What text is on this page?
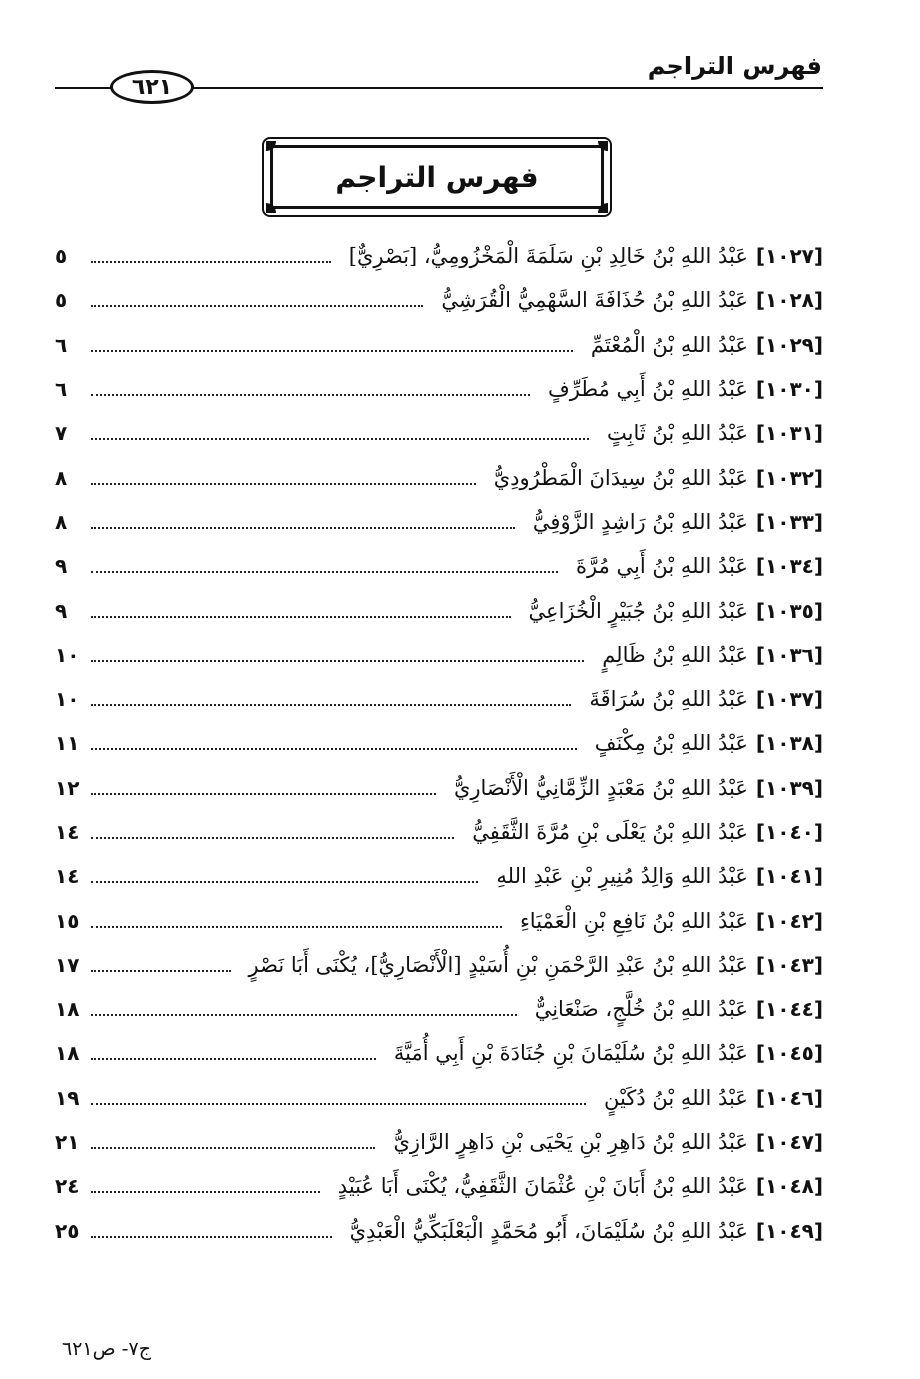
فهرس التراجم
٦٢١
فهرس التراجم
[١٠٢٧]
عَبْدُ اللهِ بْنُ خَالِدِ بْنِ سَلَمَةَ الْمَخْزُومِيُّ، [بَصْرِيٌّ]
٥
[١٠٢٨]
عَبْدُ اللهِ بْنُ حُذَافَةَ السَّهْمِيُّ الْقُرَشِيُّ
٥
[١٠٢٩]
عَبْدُ اللهِ بْنُ الْمُعْتَمِّ
٦
[١٠٣٠]
عَبْدُ اللهِ بْنُ أَبِي مُطَرِّفٍ
٦
[١٠٣١]
عَبْدُ اللهِ بْنُ ثَابِتٍ
٧
[١٠٣٢]
عَبْدُ اللهِ بْنُ سِيدَانَ الْمَطْرُودِيُّ
٨
[١٠٣٣]
عَبْدُ اللهِ بْنُ رَاشِدٍ الزَّوْفِيُّ
٨
[١٠٣٤]
عَبْدُ اللهِ بْنُ أَبِي مُرَّةَ
٩
[١٠٣٥]
عَبْدُ اللهِ بْنُ جُبَيْرٍ الْخُزَاعِيُّ
٩
[١٠٣٦]
عَبْدُ اللهِ بْنُ ظَالِمٍ
١٠
[١٠٣٧]
عَبْدُ اللهِ بْنُ سُرَاقَةَ
١٠
[١٠٣٨]
عَبْدُ اللهِ بْنُ مِكْنَفٍ
١١
[١٠٣٩]
عَبْدُ اللهِ بْنُ مَعْبَدٍ الزِّمَّانِيُّ الْأَنْصَارِيُّ
١٢
[١٠٤٠]
عَبْدُ اللهِ بْنُ يَعْلَى بْنِ مُرَّةَ الثَّقَفِيُّ
١٤
[١٠٤١]
عَبْدُ اللهِ وَالِدُ مُنِيرِ بْنِ عَبْدِ اللهِ
١٤
[١٠٤٢]
عَبْدُ اللهِ بْنُ نَافِعِ بْنِ الْعَمْيَاءِ
١٥
[١٠٤٣]
عَبْدُ اللهِ بْنُ عَبْدِ الرَّحْمَنِ بْنِ أُسَيْدٍ [الْأَنْصَارِيُّ]، يُكْنَى أَبَا نَصْرٍ
١٧
[١٠٤٤]
عَبْدُ اللهِ بْنُ خُلَّجٍ، صَنْعَانِيٌّ
١٨
[١٠٤٥]
عَبْدُ اللهِ بْنُ سُلَيْمَانَ بْنِ جُنَادَةَ بْنِ أَبِي أُمَيَّةَ
١٨
[١٠٤٦]
عَبْدُ اللهِ بْنُ دُكَيْنٍ
١٩
[١٠٤٧]
عَبْدُ اللهِ بْنُ دَاهِرِ بْنِ يَحْيَى بْنِ دَاهِرٍ الرَّازِيُّ
٢١
[١٠٤٨]
عَبْدُ اللهِ بْنُ أَبَانَ بْنِ عُثْمَانَ الثَّقَفِيُّ، يُكْنَى أَبَا عُبَيْدٍ
٢٤
[١٠٤٩]
عَبْدُ اللهِ بْنُ سُلَيْمَانَ، أَبُو مُحَمَّدٍ الْبَعْلَبَكِّيُّ الْعَبْدِيُّ
٢٥
ج٧- ص٦٢١
